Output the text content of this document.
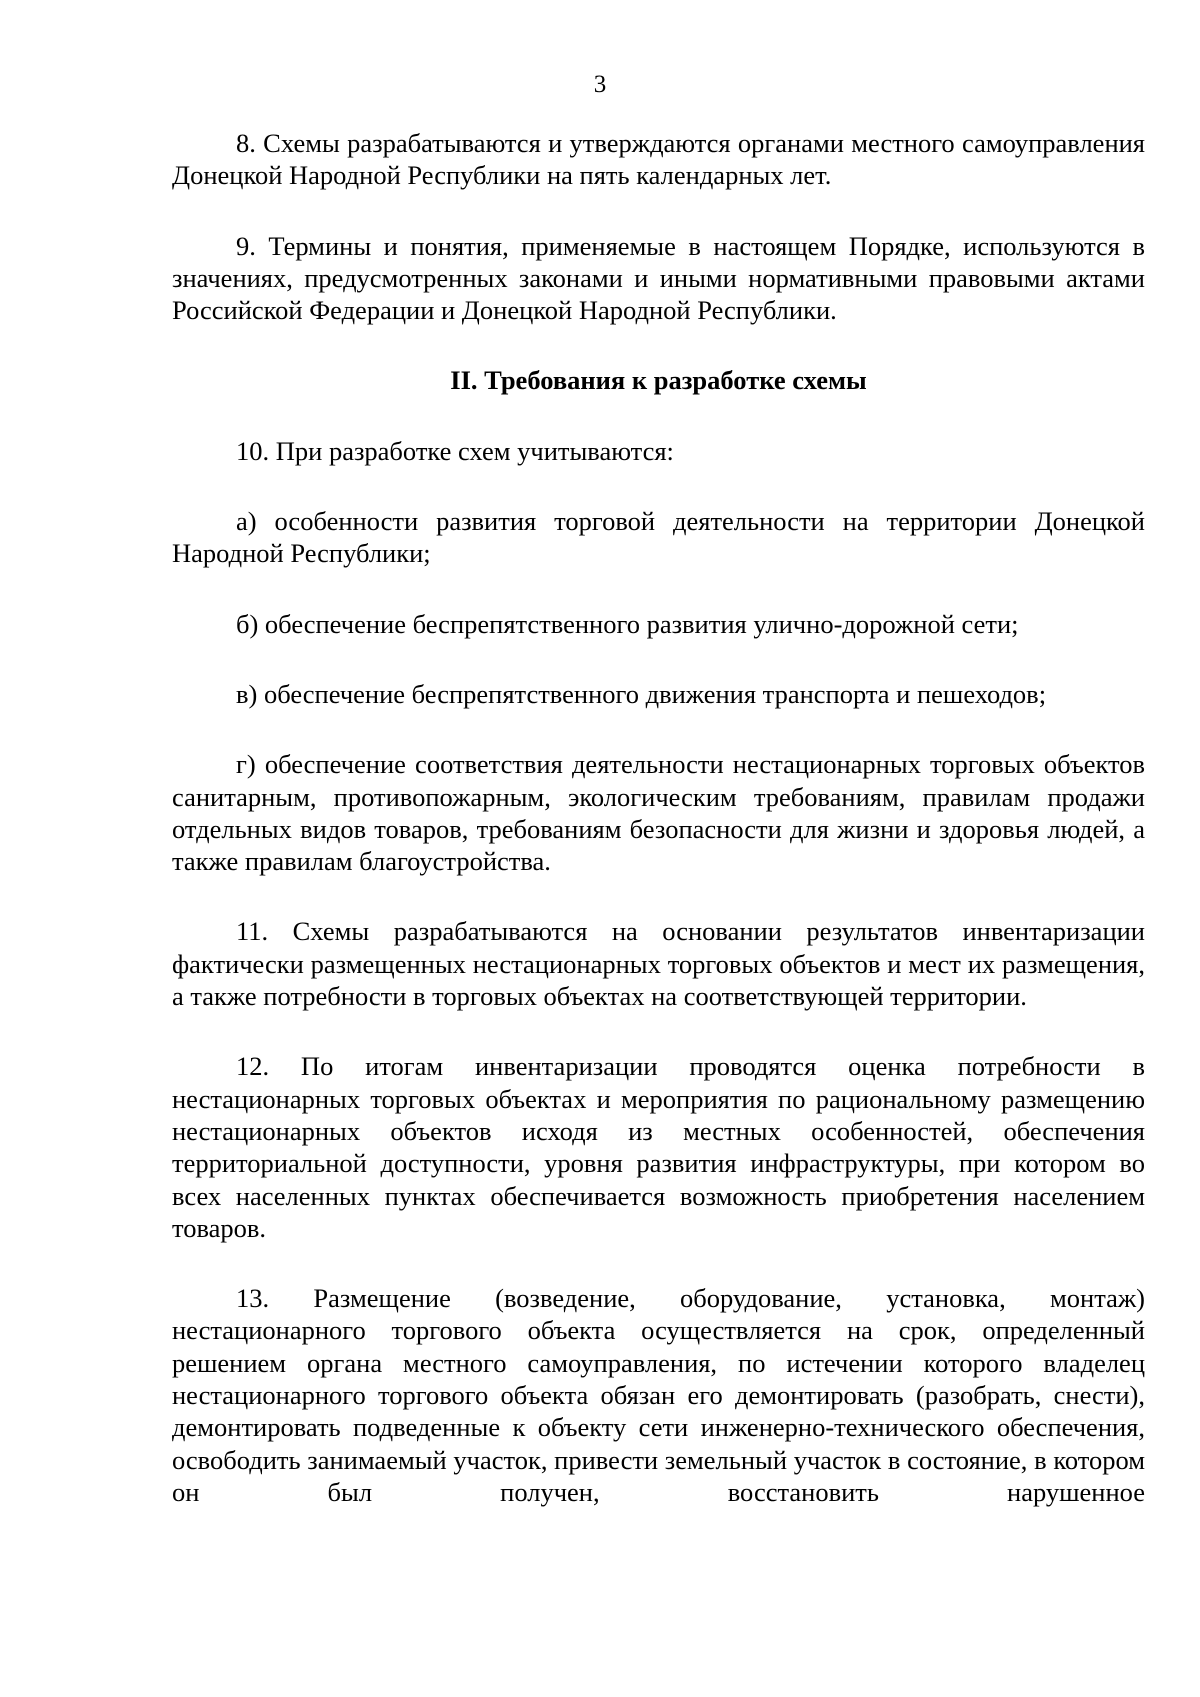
3

8. Схемы разрабатываются и утверждаются органами местного самоуправления Донецкой Народной Республики на пять календарных лет.

9. Термины и понятия, применяемые в настоящем Порядке, используются в значениях, предусмотренных законами и иными нормативными правовыми актами Российской Федерации и Донецкой Народной Республики.

II. Требования к разработке схемы

10. При разработке схем учитываются:

а) особенности развития торговой деятельности на территории Донецкой Народной Республики;

б) обеспечение беспрепятственного развития улично-дорожной сети;

в) обеспечение беспрепятственного движения транспорта и пешеходов;

г) обеспечение соответствия деятельности нестационарных торговых объектов санитарным, противопожарным, экологическим требованиям, правилам продажи отдельных видов товаров, требованиям безопасности для жизни и здоровья людей, а также правилам благоустройства.

11. Схемы разрабатываются на основании результатов инвентаризации фактически размещенных нестационарных торговых объектов и мест их размещения, а также потребности в торговых объектах на соответствующей территории.

12. По итогам инвентаризации проводятся оценка потребности в нестационарных торговых объектах и мероприятия по рациональному размещению нестационарных объектов исходя из местных особенностей, обеспечения территориальной доступности, уровня развития инфраструктуры, при котором во всех населенных пунктах обеспечивается возможность приобретения населением товаров.

13. Размещение (возведение, оборудование, установка, монтаж) нестационарного торгового объекта осуществляется на срок, определенный решением органа местного самоуправления, по истечении которого владелец нестационарного торгового объекта обязан его демонтировать (разобрать, снести), демонтировать подведенные к объекту сети инженерно-технического обеспечения, освободить занимаемый участок, привести земельный участок в состояние, в котором он был получен, восстановить нарушенное
